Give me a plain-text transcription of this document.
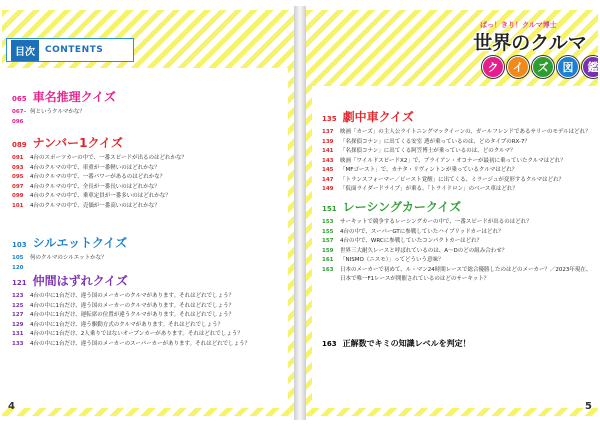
目次	CONTENTS
065 車名推理クイズ
067–096
何というクルマかな？
089 ナンバー1クイズ
091	4台のスポーツカーの中で、一番スピードが出るのはどれかな？
093	4台のクルマの中で、車重が一番軽いのはどれかな？
095	4台のクルマの中で、一番パワーがあるのはどれかな？
097	4台のクルマの中で、全長が一番長いのはどれかな？
099	4台のクルマの中で、乗車定員が一番多いのはどれかな？
101	4台のクルマの中で、売価が一番高いのはどれかな？
103 シルエットクイズ
105 120
何のクルマのシルエットかな？
121 仲間はずれクイズ
123	4台の中に1台だけ、違う国のメーカーのクルマがあります。それはどれでしょう？
125	4台の中に1台だけ、違う国のメーカーのクルマがあります。それはどれでしょう？
127	4台の中に1台だけ、運転席の位置が違うクルマがあります。それはどれでしょう？
129	4台の中に1台だけ、違う駆動方式のクルマがあります。それはどれでしょう？
131	4台の中に1台だけ、2人乗りではないオープンカーがあります。それはどれでしょう？
133	4台の中に1台だけ、違う国のメーカーのスーパーカーがあります。それはどれでしょう？
4
ぱっ！きり！クルマ博士
世界のクルマ
ク	イ	ズ	図	鑑
135 劇中車クイズ
137	映画「カーズ」の主人公ライトニングマックイーンの、ガールフレンドであるサリーのモデルはどれ？
139	「名探偵コナン」に出てくる安室 透が乗っているのは、どのタイプのRX-7？
141	「名探偵コナン」に出てくる阿笠博士が乗っているのは、どのクルマ？
143	映画「ワイルドスピードX2」で、ブライアン・オコナーが最初に乗っていたクルマはどれ？
145	「MFゴースト」で、カナタ・リヴィントンが乗っているクルマはどれ？
147	「トランスフォーマー／ビースト覚醒」に出てくる、ミラージュが変形するクルマはどれ？
149	「仮面ライダードライブ」が乗る、「トライドロン」のベース車はどれ？
151 レーシングカークイズ
153	サーキットで競争するレーシングカーの中で、一番スピードが出るのはどれ？
155	4台の中で、スーパーGTに参戦していたハイブリッドカーはどれ？
157	4台の中で、WRCに参戦していたコンパクトカーはどれ？
159	世界三大耐久レースと呼ばれているのは、A～Dのどの組み合わせ？
161	「NISMO（ニスモ）」ってどういう意味？
163	日本のメーカーで初めて、ル・マン24時間レースで総合優勝したのはどのメーカー？／2023年現在、日本で唯一F1レースが開催されているのはどのサーキット？
163 正解数でキミの知識レベルを判定！
5
